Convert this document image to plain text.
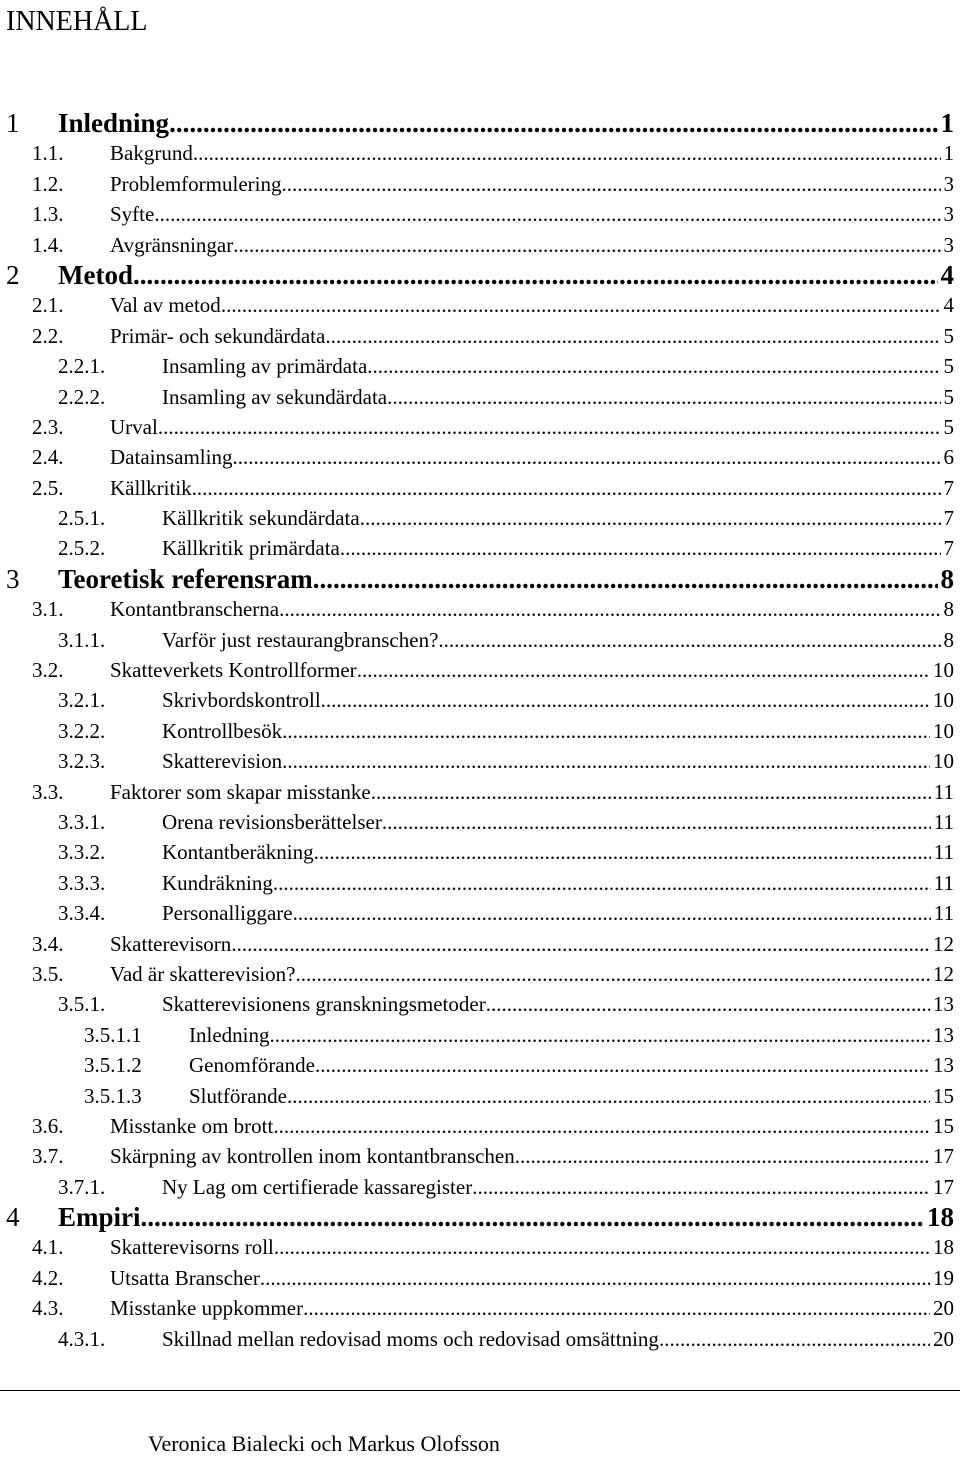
INNEHÅLL
1	Inledning .....	1
1.1.	Bakgrund .....	1
1.2.	Problemformulering .....	3
1.3.	Syfte .....	3
1.4.	Avgränsningar .....	3
2	Metod .....	4
2.1.	Val av metod .....	4
2.2.	Primär- och sekundärdata .....	5
2.2.1.	Insamling av primärdata .....	5
2.2.2.	Insamling av sekundärdata .....	5
2.3.	Urval .....	5
2.4.	Datainsamling .....	6
2.5.	Källkritik .....	7
2.5.1.	Källkritik sekundärdata .....	7
2.5.2.	Källkritik primärdata .....	7
3	Teoretisk referensram .....	8
3.1.	Kontantbranscherna .....	8
3.1.1.	Varför just restaurangbranschen? .....	8
3.2.	Skatteverkets Kontrollformer .....	10
3.2.1.	Skrivbordskontroll .....	10
3.2.2.	Kontrollbesök .....	10
3.2.3.	Skatterevision .....	10
3.3.	Faktorer som skapar misstanke .....	11
3.3.1.	Orena revisionsberättelser .....	11
3.3.2.	Kontantberäkning .....	11
3.3.3.	Kundräkning .....	11
3.3.4.	Personalliggare .....	11
3.4.	Skatterevisorn .....	12
3.5.	Vad är skatterevision? .....	12
3.5.1.	Skatterevisionens granskningsmetoder .....	13
3.5.1.1	Inledning .....	13
3.5.1.2	Genomförande .....	13
3.5.1.3	Slutförande .....	15
3.6.	Misstanke om brott .....	15
3.7.	Skärpning av kontrollen inom kontantbranschen .....	17
3.7.1.	Ny Lag om certifierade kassaregister .....	17
4	Empiri .....	18
4.1.	Skatterevisorns roll .....	18
4.2.	Utsatta Branscher .....	19
4.3.	Misstanke uppkommer .....	20
4.3.1.	Skillnad mellan redovisad moms och redovisad omsättning .....	20
Veronica Bialecki och Markus Olofsson
